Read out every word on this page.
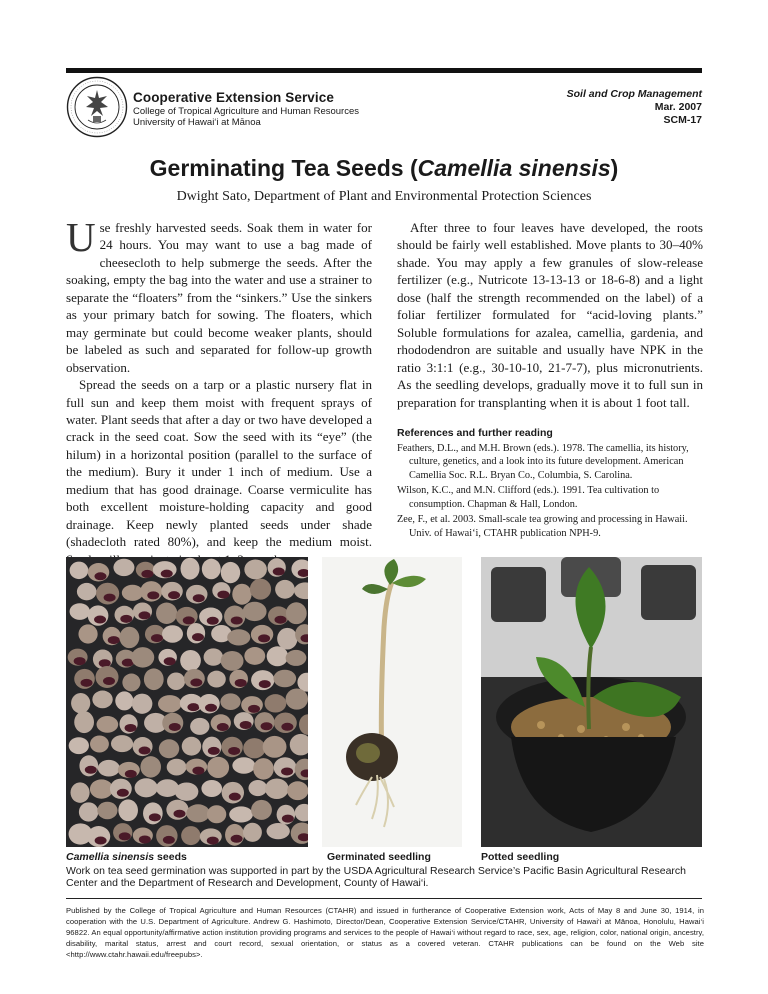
Cooperative Extension Service
College of Tropical Agriculture and Human Resources
University of Hawai‘i at Mānoa
Soil and Crop Management
Mar. 2007
SCM-17
Germinating Tea Seeds (Camellia sinensis)
Dwight Sato, Department of Plant and Environmental Protection Sciences

Use freshly harvested seeds. Soak them in water for 24 hours. You may want to use a bag made of cheesecloth to help submerge the seeds. After the soaking, empty the bag into the water and use a strainer to separate the “floaters” from the “sinkers.” Use the sinkers as your primary batch for sowing. The floaters, which may germinate but could become weaker plants, should be labeled as such and separated for follow-up growth observation.

Spread the seeds on a tarp or a plastic nursery flat in full sun and keep them moist with frequent sprays of water. Plant seeds that after a day or two have developed a crack in the seed coat. Sow the seed with its “eye” (the hilum) in a horizontal position (parallel to the surface of the medium). Bury it under 1 inch of medium. Use a medium that has good drainage. Coarse vermiculite has both excellent moisture-holding capacity and good drainage. Keep newly planted seeds under shade (shadecloth rated 80%), and keep the medium moist.

After three to four leaves have developed, the roots should be fairly well established. Move plants to 30–40% shade. You may apply a few granules of slow-release fertilizer (e.g., Nutricote 13-13-13 or 18-6-8) and a light dose (half the strength recommended on the label) of a foliar fertilizer formulated for “acid-loving plants.” Soluble formulations for azalea, camellia, gardenia, and rhododendron are suitable and usually have NPK in the ratio 3:1:1 (e.g., 30-10-10, 21-7-7), plus micronutrients. As the seedling develops, gradually move it to full sun in preparation for transplanting when it is about 1 foot tall.

References and further reading
Feathers, D.L., and M.H. Brown (eds.). 1978. The camellia, its history, culture, genetics, and a look into its future development. American Camellia Soc. R.L. Bryan Co., Columbia, S. Carolina.
Wilson, K.C., and M.N. Clifford (eds.). 1991. Tea cultivation to consumption. Chapman & Hall, London.
Zee, F., et al. 2003. Small-scale tea growing and processing in Hawaii. Univ. of Hawai‘i, CTAHR publication NPH-9.
Camellia sinensis seeds	Germinated seedling	Potted seedling
Work on tea seed germination was supported in part by the USDA Agricultural Research Service’s Pacific Basin Agricultural Research Center and the Department of Research and Development, County of Hawai‘i.
Published by the College of Tropical Agriculture and Human Resources (CTAHR) and issued in furtherance of Cooperative Extension work, Acts of May 8 and June 30, 1914, in cooperation with the U.S. Department of Agriculture. Andrew G. Hashimoto, Director/Dean, Cooperative Extension Service/CTAHR, University of Hawai‘i at Mānoa, Honolulu, Hawai‘i 96822. An equal opportunity/affirmative action institution providing programs and services to the people of Hawai‘i without regard to race, sex, age, religion, color, national origin, ancestry, disability, marital status, arrest and court record, sexual orientation, or status as a covered veteran. CTAHR publications can be found on the Web site <http://www.ctahr.hawaii.edu/freepubs>.
